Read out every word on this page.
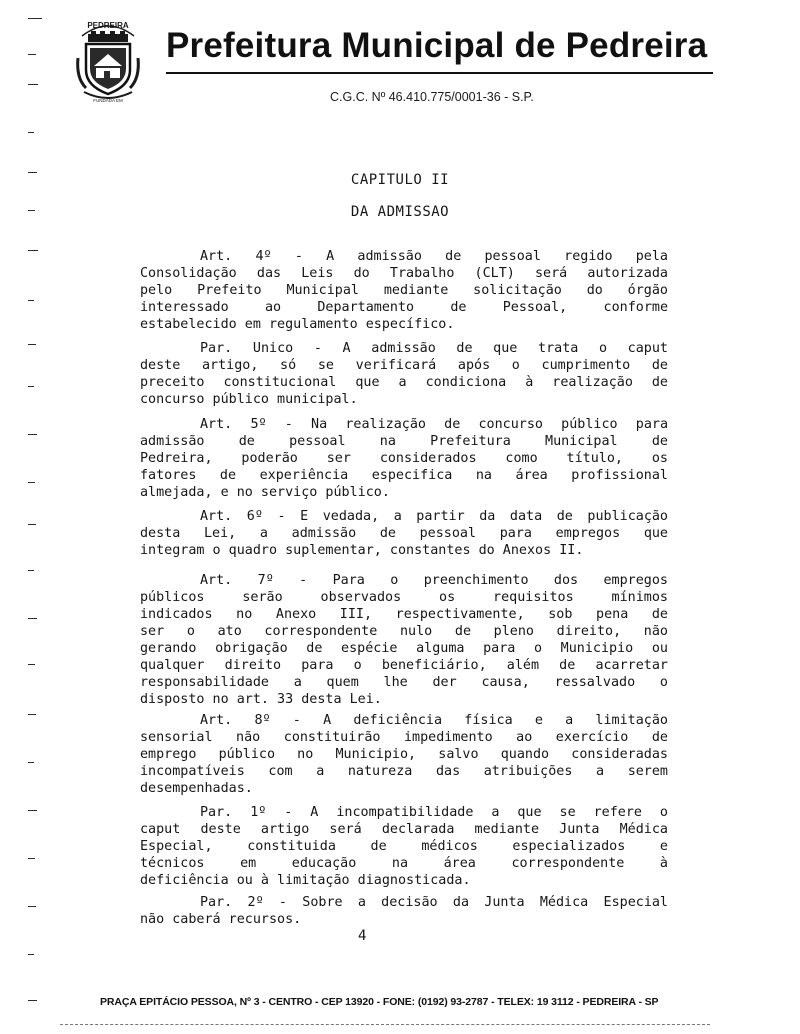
PEDREIRA
FUNDADA EM
Prefeitura Municipal de Pedreira
C.G.C. Nº 46.410.775/0001-36 - S.P.
CAPITULO II
DA ADMISSAO
Art. 4º - A admissão de pessoal regido pela
Consolidação das Leis do Trabalho (CLT) será autorizada
pelo Prefeito Municipal mediante solicitação do órgão
interessado ao Departamento de Pessoal, conforme
estabelecido em regulamento específico.
Par. Unico - A admissão de que trata o caput
deste artigo, só se verificará após o cumprimento de
preceito constitucional que a condiciona à realização de
concurso público municipal.
Art. 5º - Na realização de concurso público para
admissão de pessoal na Prefeitura Municipal de
Pedreira, poderão ser considerados como título, os
fatores de experiência especifica na área profissional
almejada, e no serviço público.
Art. 6º - E vedada, a partir da data de publicação
desta Lei, a admissão de pessoal para empregos que
integram o quadro suplementar, constantes do Anexos II.
Art. 7º - Para o preenchimento dos empregos
públicos serão observados os requisitos mínimos
indicados no Anexo III, respectivamente, sob pena de
ser o ato correspondente nulo de pleno direito, não
gerando obrigação de espécie alguma para o Municipio ou
qualquer direito para o beneficiário, além de acarretar
responsabilidade a quem lhe der causa, ressalvado o
disposto no art. 33 desta Lei.
Art. 8º - A deficiência física e a limitação
sensorial não constituirão impedimento ao exercício de
emprego público no Municipio, salvo quando consideradas
incompatíveis com a natureza das atribuições a serem
desempenhadas.
Par. 1º - A incompatibilidade a que se refere o
caput deste artigo será declarada mediante Junta Médica
Especial, constituida de médicos especializados e
técnicos em educação na área correspondente à
deficiência ou à limitação diagnosticada.
Par. 2º - Sobre a decisão da Junta Médica Especial
não caberá recursos.
4
PRAÇA EPITÁCIO PESSOA, Nº 3 - CENTRO - CEP 13920 - FONE: (0192) 93-2787 - TELEX: 19 3112 - PEDREIRA - SP
